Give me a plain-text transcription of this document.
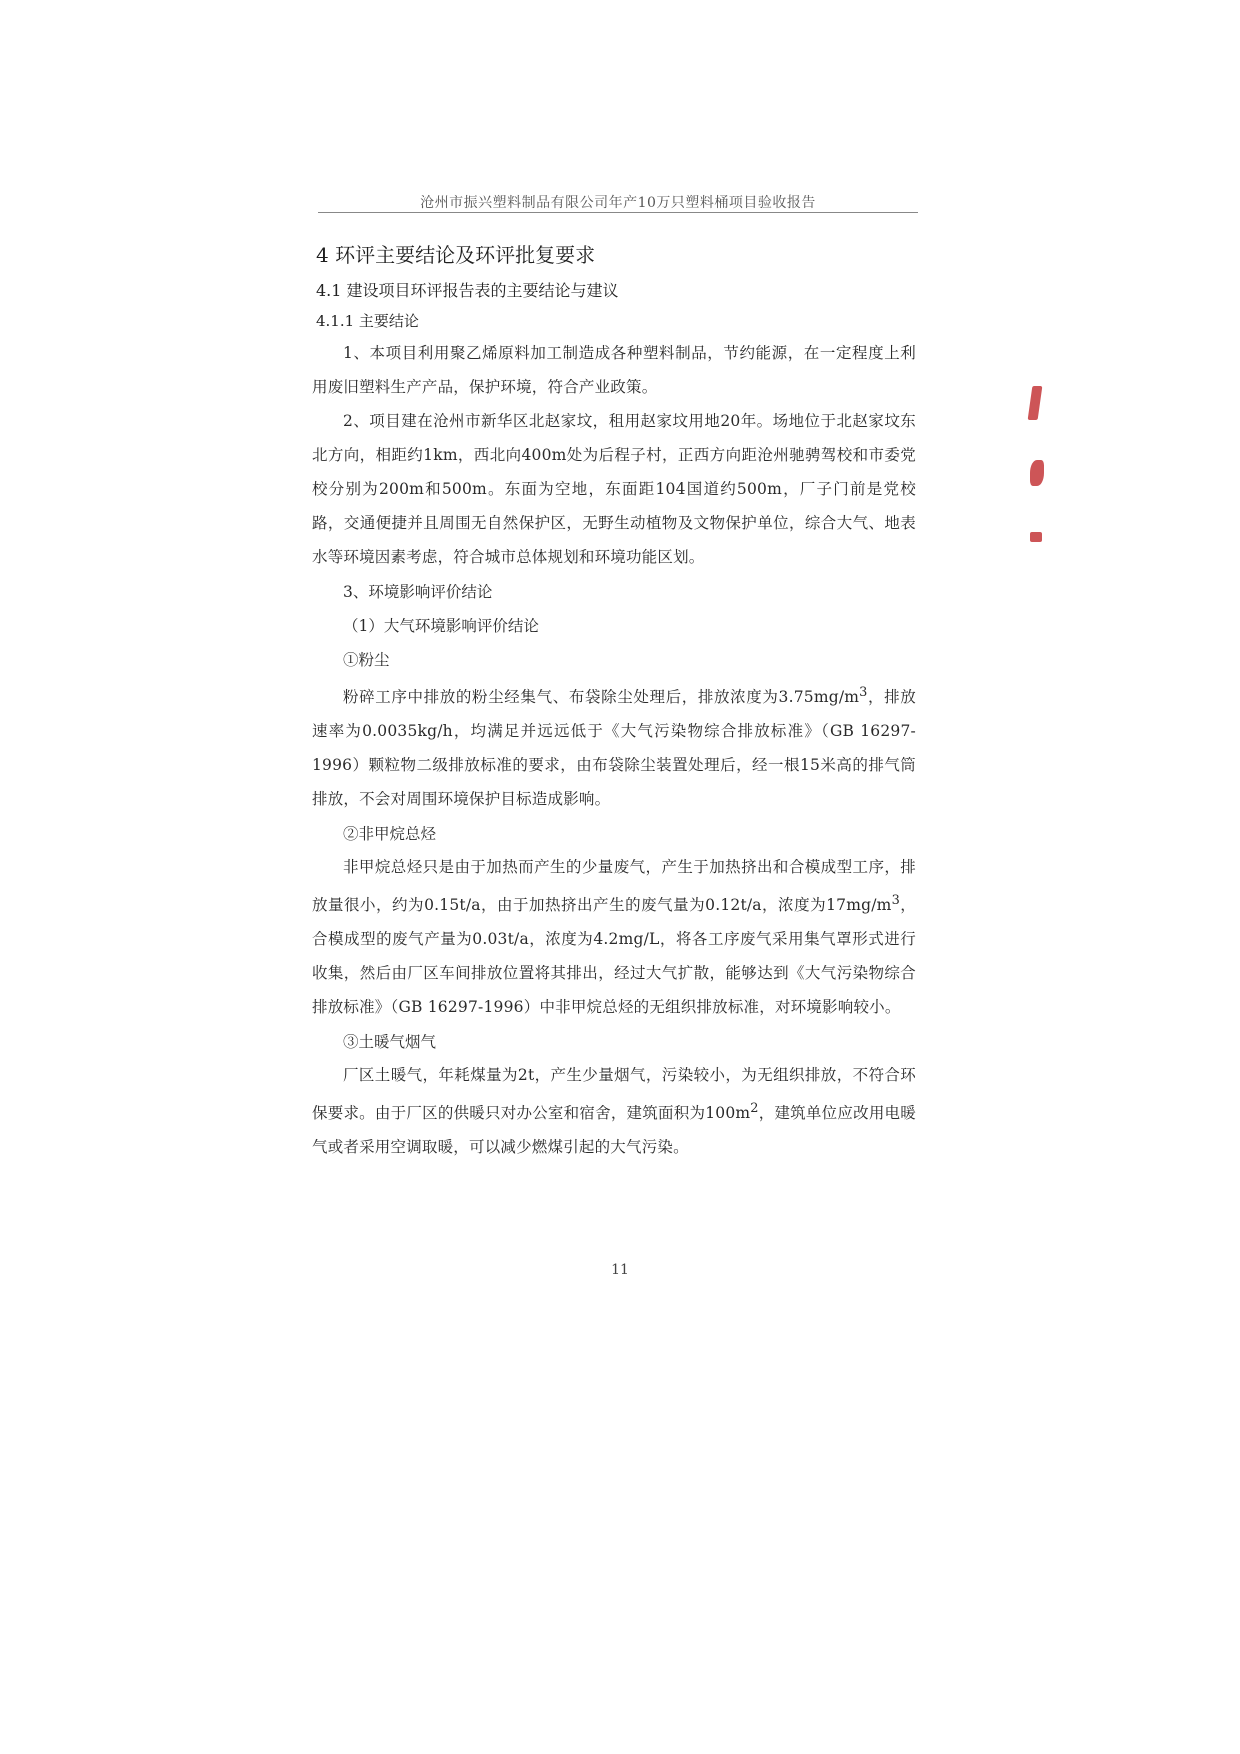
沧州市振兴塑料制品有限公司年产10万只塑料桶项目验收报告
4 环评主要结论及环评批复要求
4.1 建设项目环评报告表的主要结论与建议
4.1.1 主要结论

1、本项目利用聚乙烯原料加工制造成各种塑料制品，节约能源，在一定程度上利用废旧塑料生产产品，保护环境，符合产业政策。

2、项目建在沧州市新华区北赵家坟，租用赵家坟用地20年。场地位于北赵家坟东北方向，相距约1km，西北向400m处为后程子村，正西方向距沧州驰骋驾校和市委党校分别为200m和500m。东面为空地，东面距104国道约500m，厂子门前是党校路，交通便捷并且周围无自然保护区，无野生动植物及文物保护单位，综合大气、地表水等环境因素考虑，符合城市总体规划和环境功能区划。

3、环境影响评价结论

（1）大气环境影响评价结论

①粉尘

粉碎工序中排放的粉尘经集气、布袋除尘处理后，排放浓度为$3.75mg/m^3$，排放速率为0.0035kg/h，均满足并远远低于《大气污染物综合排放标准》（GB 16297-1996）颗粒物二级排放标准的要求，由布袋除尘装置处理后，经一根15米高的排气筒排放，不会对周围环境保护目标造成影响。

②非甲烷总烃

非甲烷总烃只是由于加热而产生的少量废气，产生于加热挤出和合模成型工序，排放量很小，约为0.15t/a，由于加热挤出产生的废气量为0.12t/a，浓度为$17mg/m^3$，合模成型的废气产量为0.03t/a，浓度为4.2mg/L，将各工序废气采用集气罩形式进行收集，然后由厂区车间排放位置将其排出，经过大气扩散，能够达到《大气污染物综合排放标准》（GB 16297-1996）中非甲烷总烃的无组织排放标准，对环境影响较小。

③土暖气烟气

厂区土暖气，年耗煤量为2t，产生少量烟气，污染较小，为无组织排放，不符合环保要求。由于厂区的供暖只对办公室和宿舍，建筑面积为$100m^2$，建筑单位应改用电暖气或者采用空调取暖，可以减少燃煤引起的大气污染。

11
